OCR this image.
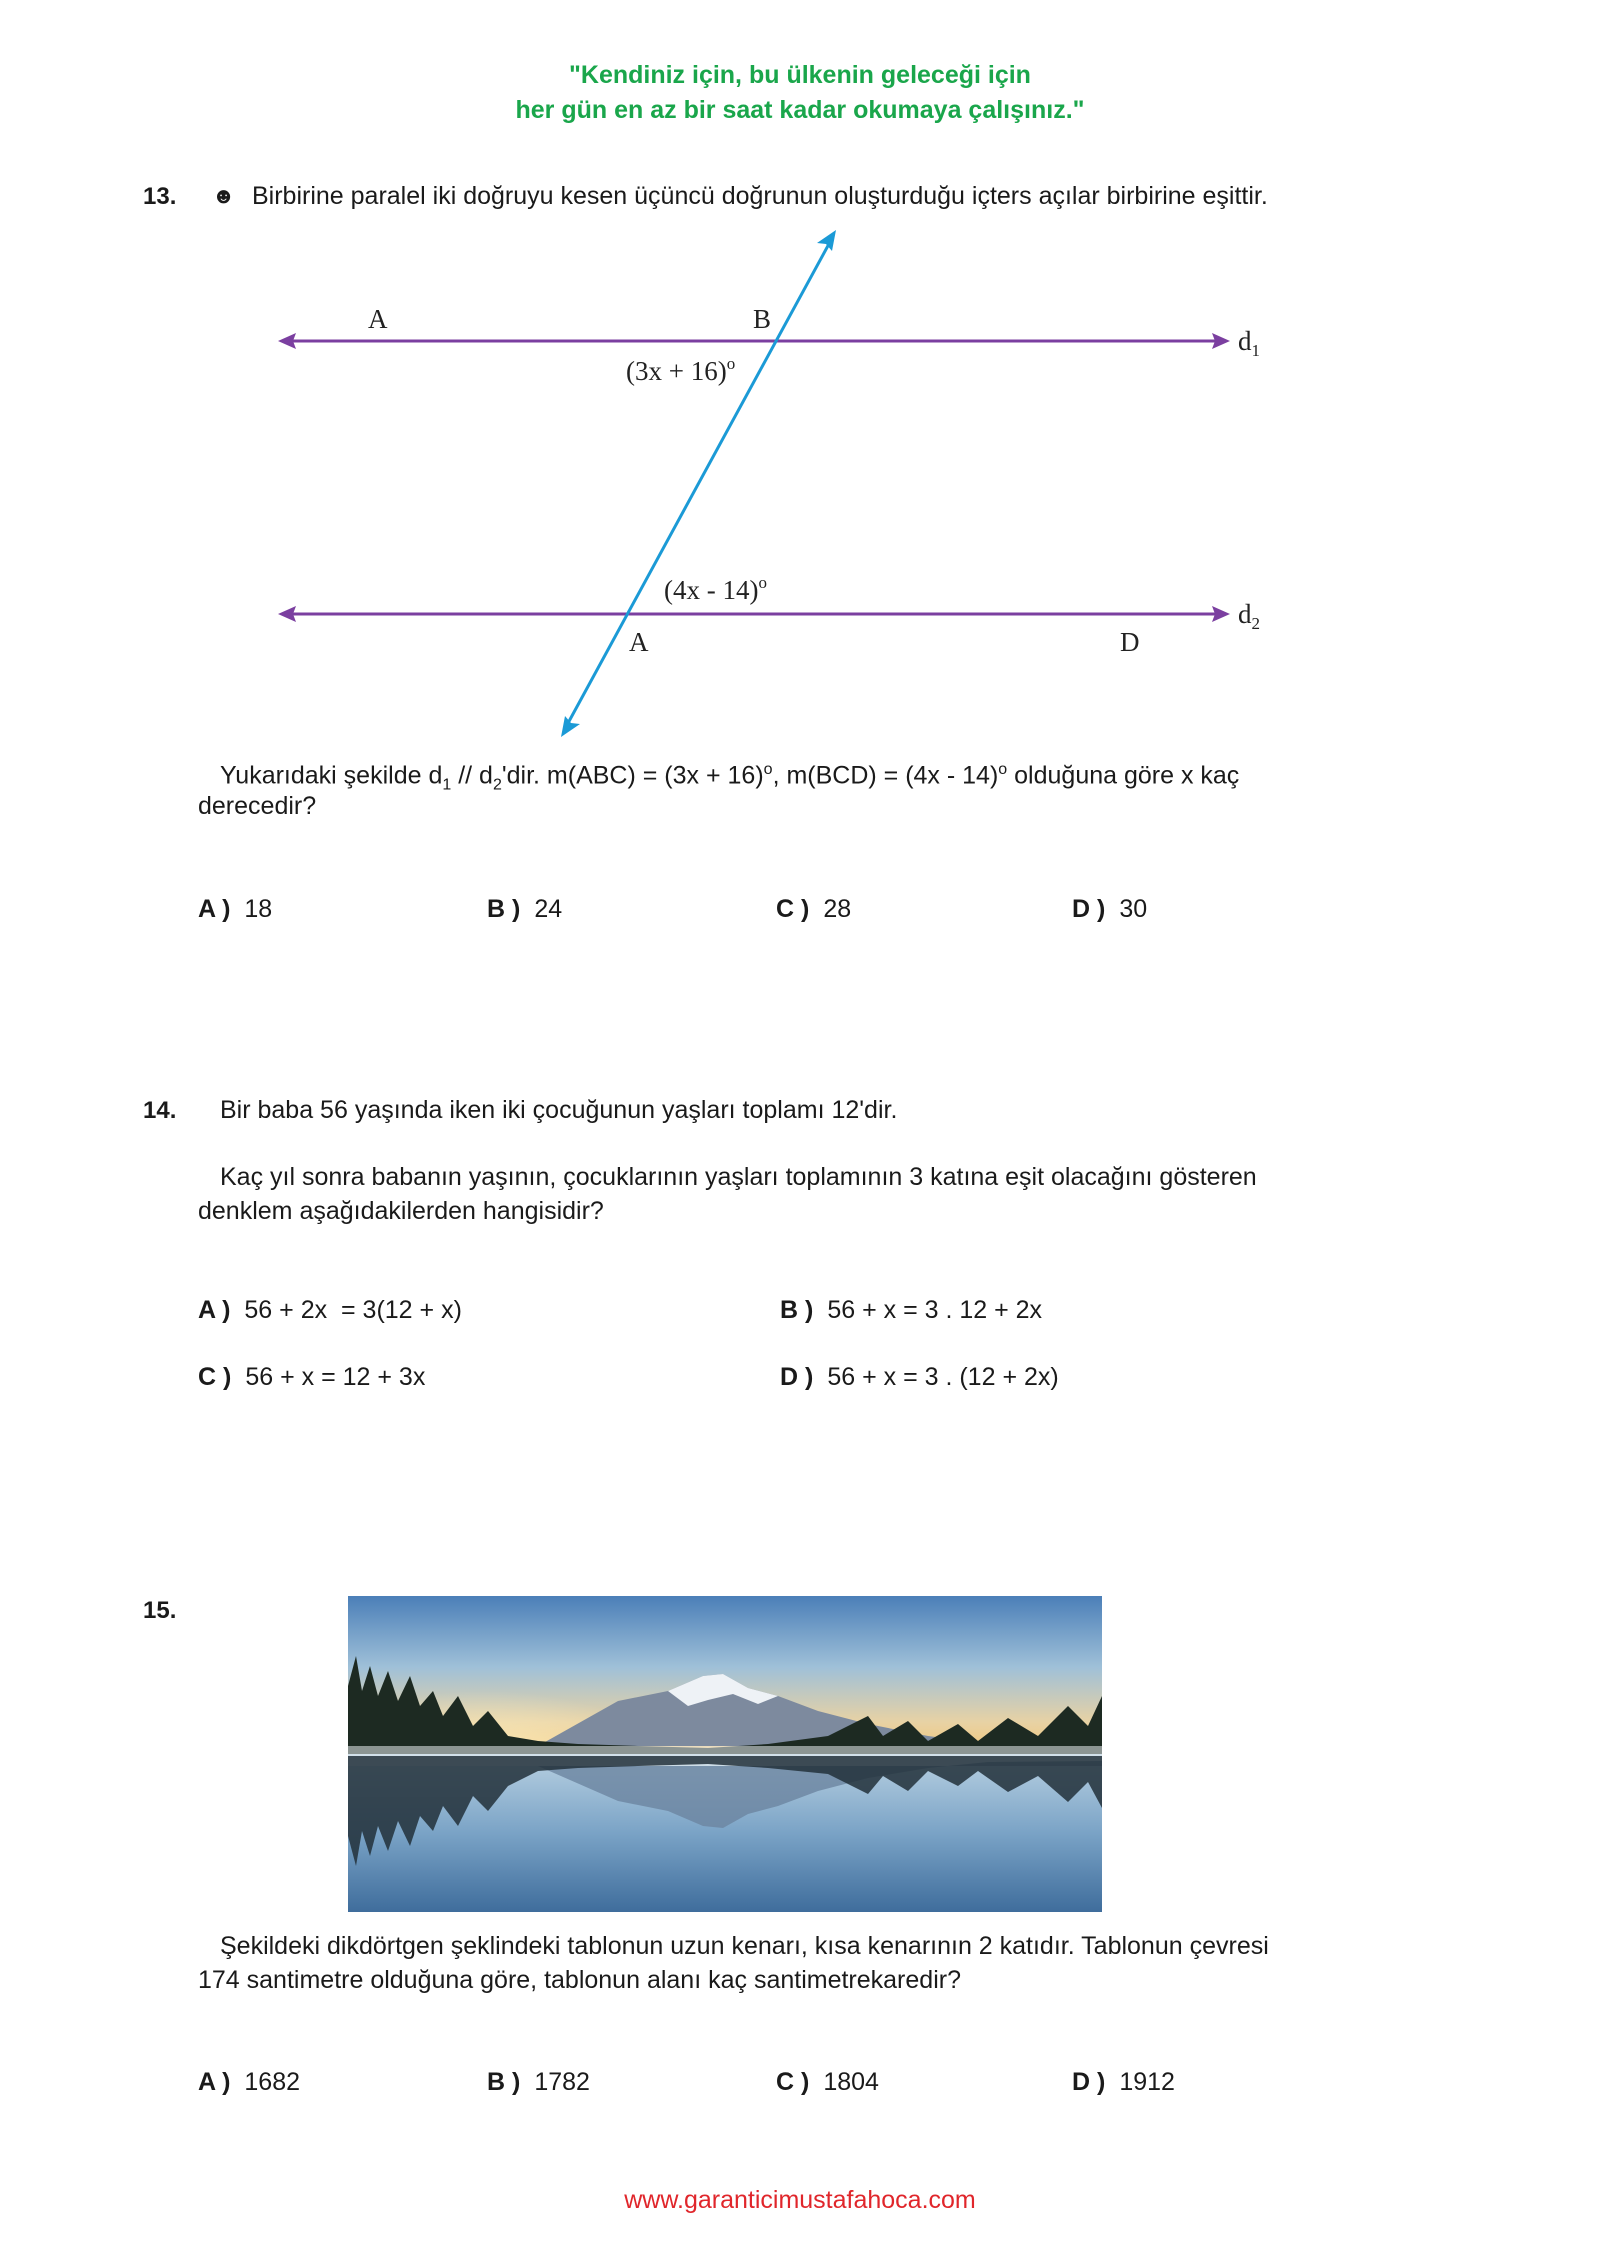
"Kendiniz için, bu ülkenin geleceği için
her gün en az bir saat kadar okumaya çalışınız."
13. ☻ Birbirine paralel iki doğruyu kesen üçüncü doğrunun oluşturduğu içters açılar birbirine eşittir.
A	B
$d_1$
$(3x + 16)^o$
(4x - 14)$^o$
A	D
$d_2$
Yukarıdaki şekilde $d_1 // d_2'dir$. $m(ABC) = (3x + 16)^o$, m(BCD) = (4x - 14)$^o$ olduğuna göre x kaç
derecedir?
A ) 18	B ) 24	C ) 28	D ) 30
14. Bir baba 56 yaşında iken iki çocuğunun yaşları toplamı 12'dir.
Kaç yıl sonra babanın yaşının, çocuklarının yaşları toplamının 3 katına eşit olacağını gösteren
denklem aşağıdakilerden hangisidir?
A ) 56 + 2x  = 3(12 + x)	B ) 56 + x = 3 . 12 + 2x
C ) 56 + x = 12 + 3x	D ) 56 + x = 3 . (12 + 2x)
15.
Şekildeki dikdörtgen şeklindeki tablonun uzun kenarı, kısa kenarının 2 katıdır. Tablonun çevresi
174 santimetre olduğuna göre, tablonun alanı kaç santimetrekaredir?
A ) 1682	B ) 1782	C ) 1804	D ) 1912
www.garanticimustafahoca.com
